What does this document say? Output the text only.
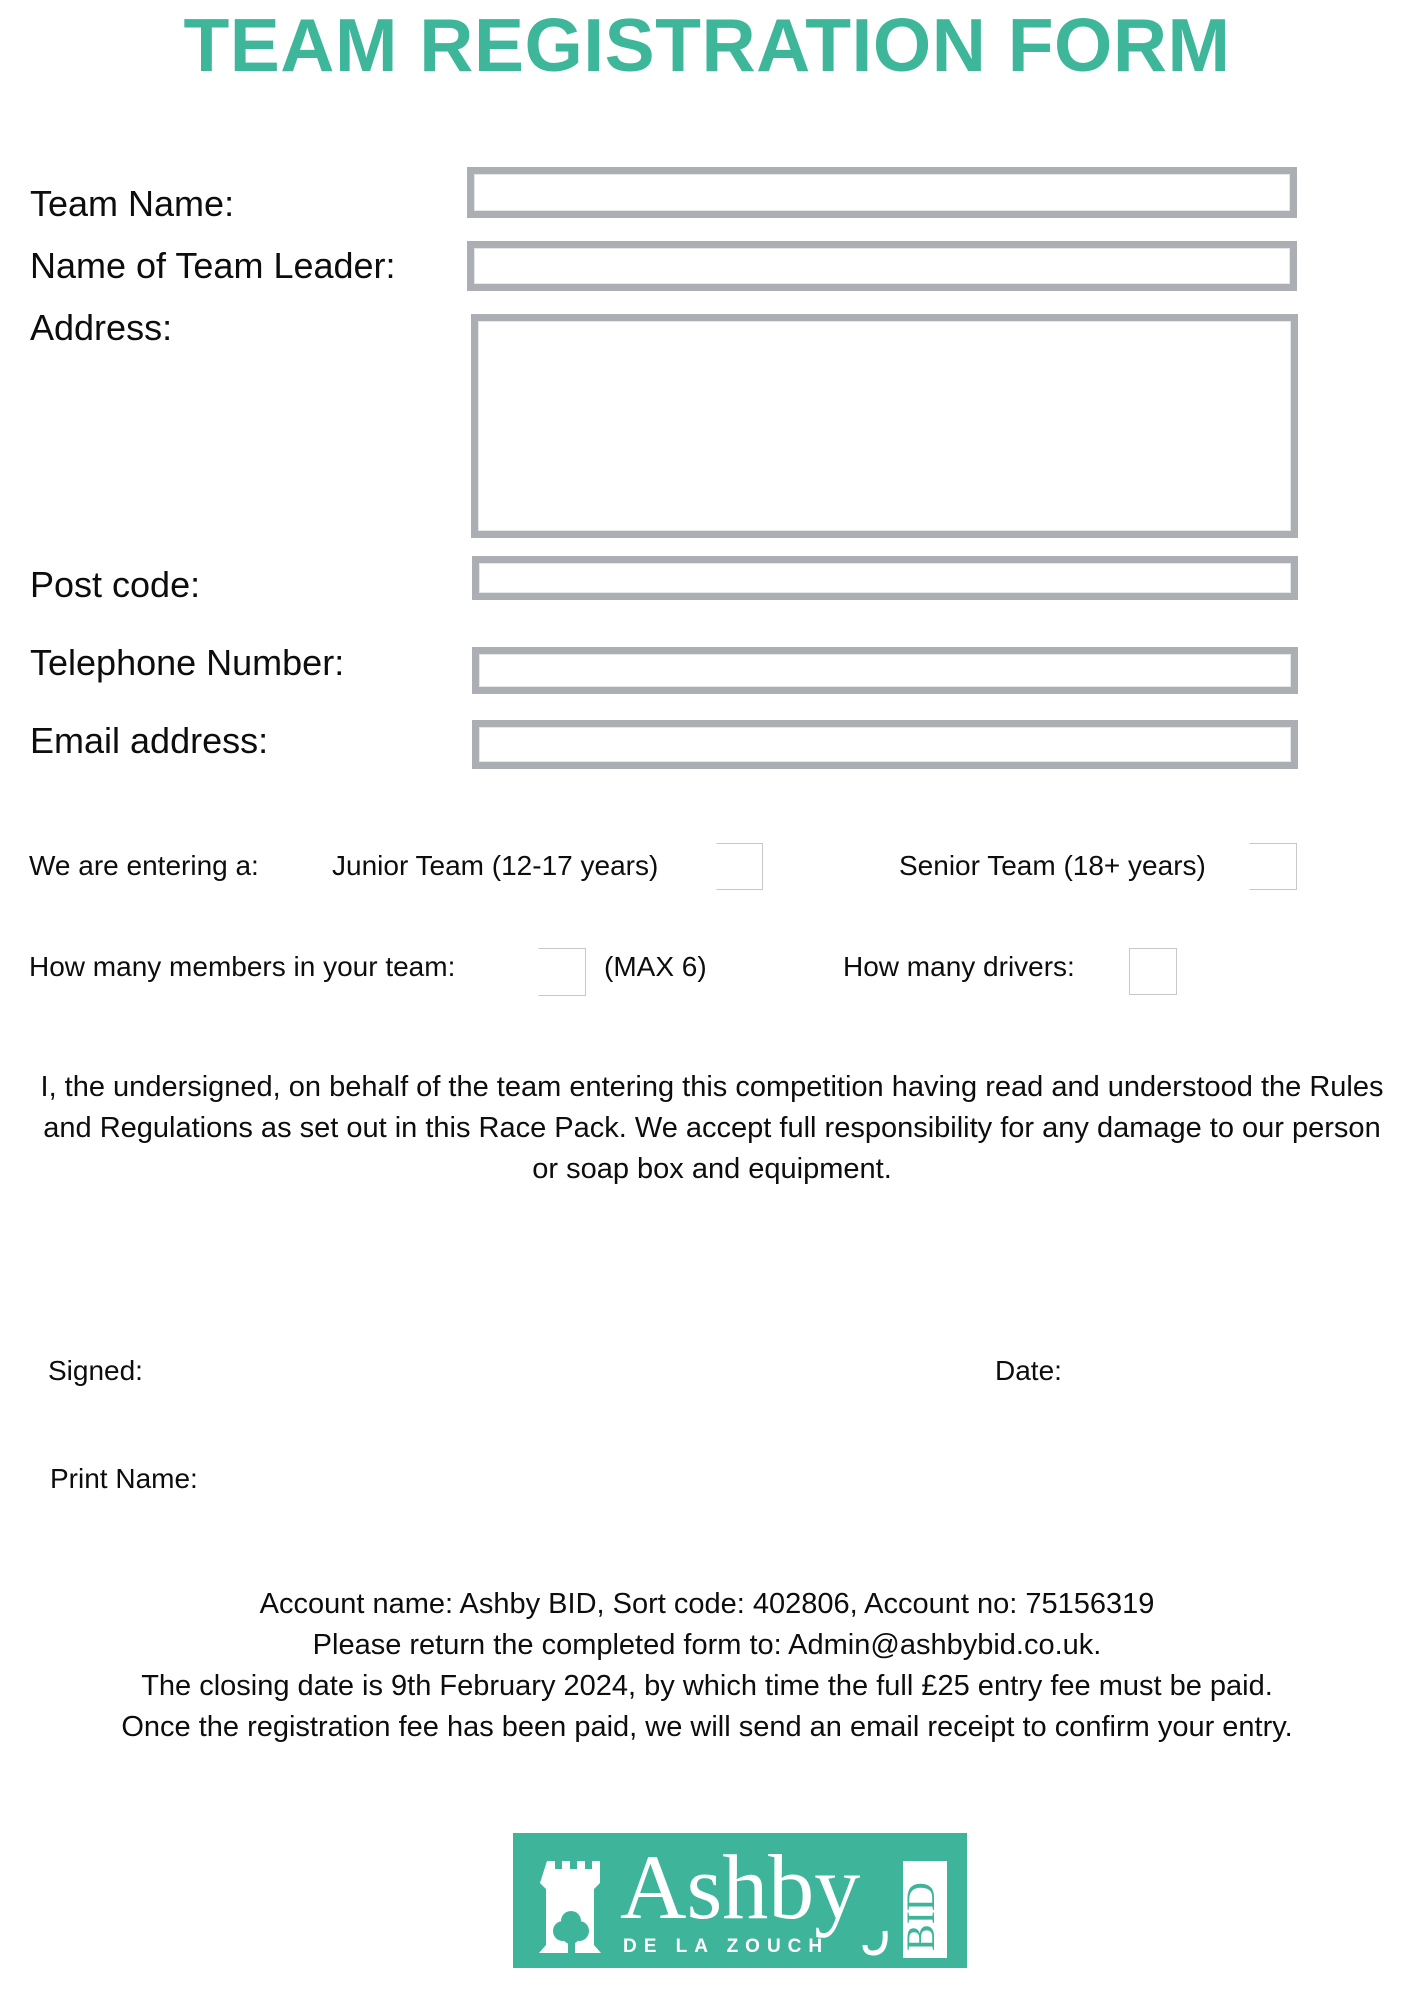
TEAM REGISTRATION FORM
Team Name:
Name of Team Leader:
Address:
Post code:
Telephone Number:
Email address:
We are entering a:	Junior Team (12-17 years)	Senior Team (18+ years)
How many members in your team:	(MAX 6)	How many drivers:
I, the undersigned, on behalf of the team entering this competition having read and understood the Rules and Regulations as set out in this Race Pack. We accept full responsibility for any damage to our person or soap box and equipment.
Signed:	Date:
Print Name:
Account name: Ashby BID, Sort code: 402806, Account no: 75156319
Please return the completed form to: Admin@ashbybid.co.uk.
The closing date is 9th February 2024, by which time the full £25 entry fee must be paid.
Once the registration fee has been paid, we will send an email receipt to confirm your entry.
BID
Ashby
DE LA ZOUCH
